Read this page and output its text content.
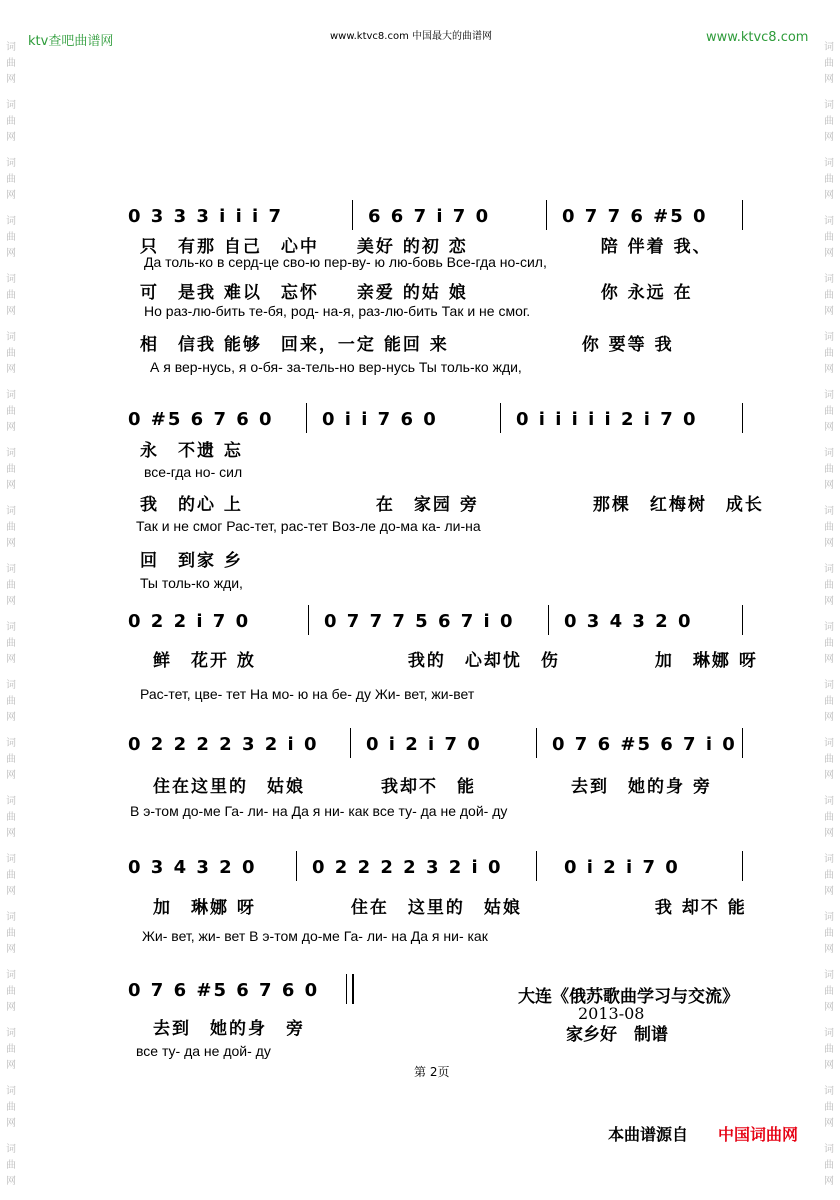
词
曲
网
词
曲
网
词
曲
网
词
曲
网
词
曲
网
词
曲
网
词
曲
网
词
曲
网
词
曲
网
词
曲
网
词
曲
网
词
曲
网
词
曲
网
词
曲
网
词
曲
网
词
曲
网
词
曲
网
词
曲
网
词
曲
网
词
曲
网
词
曲
网
词
曲
网
词
曲
网
词
曲
网
词
曲
网
词
曲
网
词
曲
网
词
曲
网
词
曲
网
词
曲
网
词
曲
网
词
曲
网
词
曲
网
词
曲
网
词
曲
网
词
曲
网
词
曲
网
词
曲
网
词
曲
网
词
曲
网
ktv查吧曲谱网	www.ktvc8.com 中国最大的曲谱网	www.ktvc8.com
0 3 3 3 i i i 7	6 6 7 i 7 0	0 7 7 6 #5 0
只　有那 自己　心中　　美好 的初 恋　　　　　　　陪 伴着 我、
Да толь-ко в серд-це сво-ю пер-ву- ю лю-бовь Все-гда но-сил,
可　是我 难以　忘怀　　亲爱 的姑 娘　　　　　　　你 永远 在
Но раз-лю-бить те-бя, род- на-я, раз-лю-бить Так и не смог.
相　信我 能够　回来，一定 能回 来　　　　　　　你 要等 我
А я вер-нусь, я о-бя- за-тель-но вер-нусь Ты толь-ко жди,
0 #5 6 7 6 0	0 i i 7 6 0	0 i i i i i 2 i 7 0
永　不遗 忘
все-гда но- сил
我　的心 上　　　　　　　在　家园 旁　　　　　　那棵　红梅树　成长
Так и не смог Рас-тет, рас-тет Воз-ле до-ма ка- ли-на
回　到家 乡
Ты толь-ко жди,
0 2 2 i 7 0	0 7 7 7 5 6 7 i 0	0 3 4 3 2 0
　鲜　花开 放　　　　　　　　我的　心却忧　伤　　　　　加　琳娜 呀
Рас-тет, цве- тет На мо- ю на бе- ду Жи- вет, жи-вет
0 2 2 2 2 3 2 i 0	0 i 2 i 7 0	0 7 6 #5 6 7 i 0
　住在这里的　姑娘　　　　我却不　能　　　　　去到　她的身 旁
В э-том до-ме Га- ли- на Да я ни- как все ту- да не дой- ду
0 3 4 3 2 0	0 2 2 2 2 3 2 i 0	0 i 2 i 7 0
　加　琳娜 呀　　　　　住在　这里的　姑娘　　　　　　　我 却不 能
Жи- вет, жи- вет В э-том до-ме Га- ли- на Да я ни- как
0 7 6 #5 6 7 6 0
　去到　她的身　旁
все ту- да не дой- ду
大连《俄苏歌曲学习与交流》
2013-08
家乡好　制谱
第 2页
本曲谱源自 中国词曲网
